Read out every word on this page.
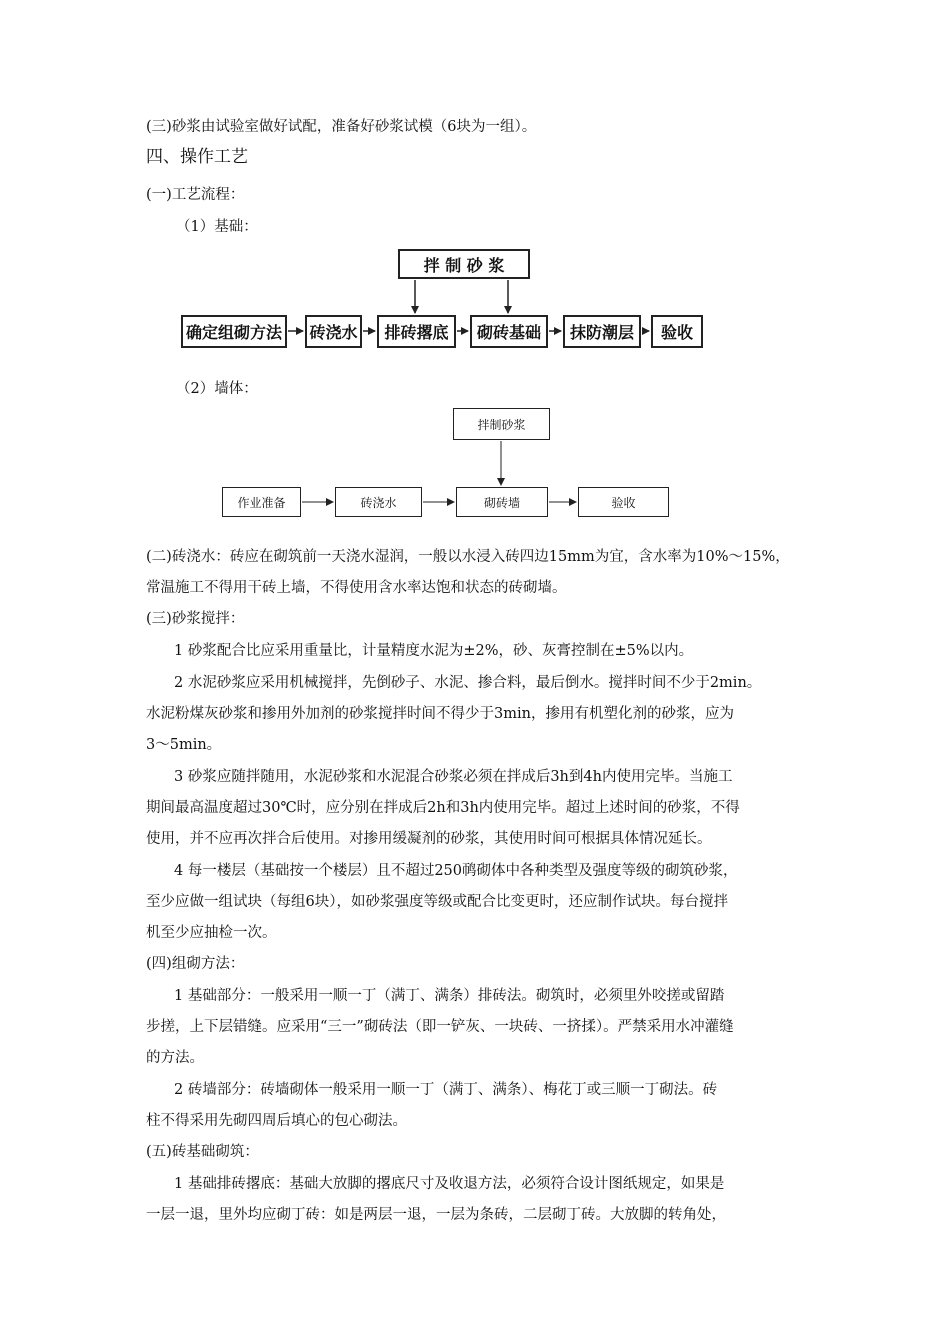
(三)砂浆由试验室做好试配，准备好砂浆试模（6块为一组）。
四、操作工艺
(一)工艺流程：
（1）基础：
拌 制 砂 浆
确定组砌方法	砖浇水	排砖撂底	砌砖基础	抹防潮层	验收
（2）墙体：
拌制砂浆
作业准备	砖浇水	砌砖墙	验收
(二)砖浇水：砖应在砌筑前一天浇水湿润，一般以水浸入砖四边15mm为宜，含水率为10%～15%，
常温施工不得用干砖上墙，不得使用含水率达饱和状态的砖砌墙。
(三)砂浆搅拌：
1 砂浆配合比应采用重量比，计量精度水泥为±2%，砂、灰膏控制在±5%以内。
2 水泥砂浆应采用机械搅拌，先倒砂子、水泥、掺合料，最后倒水。搅拌时间不少于2min。
水泥粉煤灰砂浆和掺用外加剂的砂浆搅拌时间不得少于3min，掺用有机塑化剂的砂浆，应为
3～5min。
3 砂浆应随拌随用，水泥砂浆和水泥混合砂浆必须在拌成后3h到4h内使用完毕。当施工
期间最高温度超过30℃时，应分别在拌成后2h和3h内使用完毕。超过上述时间的砂浆，不得
使用，并不应再次拌合后使用。对掺用缓凝剂的砂浆，其使用时间可根据具体情况延长。
4 每一楼层（基础按一个楼层）且不超过250䴓砌体中各种类型及强度等级的砌筑砂浆，
至少应做一组试块（每组6块），如砂浆强度等级或配合比变更时，还应制作试块。每台搅拌
机至少应抽检一次。
(四)组砌方法：
1 基础部分：一般采用一顺一丁（满丁、满条）排砖法。砌筑时，必须里外咬搓或留踏
步搓，上下层错缝。应采用“三一”砌砖法（即一铲灰、一块砖、一挤揉）。严禁采用水冲灌缝
的方法。
2 砖墙部分：砖墙砌体一般采用一顺一丁（满丁、满条）、梅花丁或三顺一丁砌法。砖
柱不得采用先砌四周后填心的包心砌法。
(五)砖基础砌筑：
1 基础排砖撂底：基础大放脚的撂底尺寸及收退方法，必须符合设计图纸规定，如果是
一层一退，里外均应砌丁砖：如是两层一退，一层为条砖，二层砌丁砖。大放脚的转角处，
